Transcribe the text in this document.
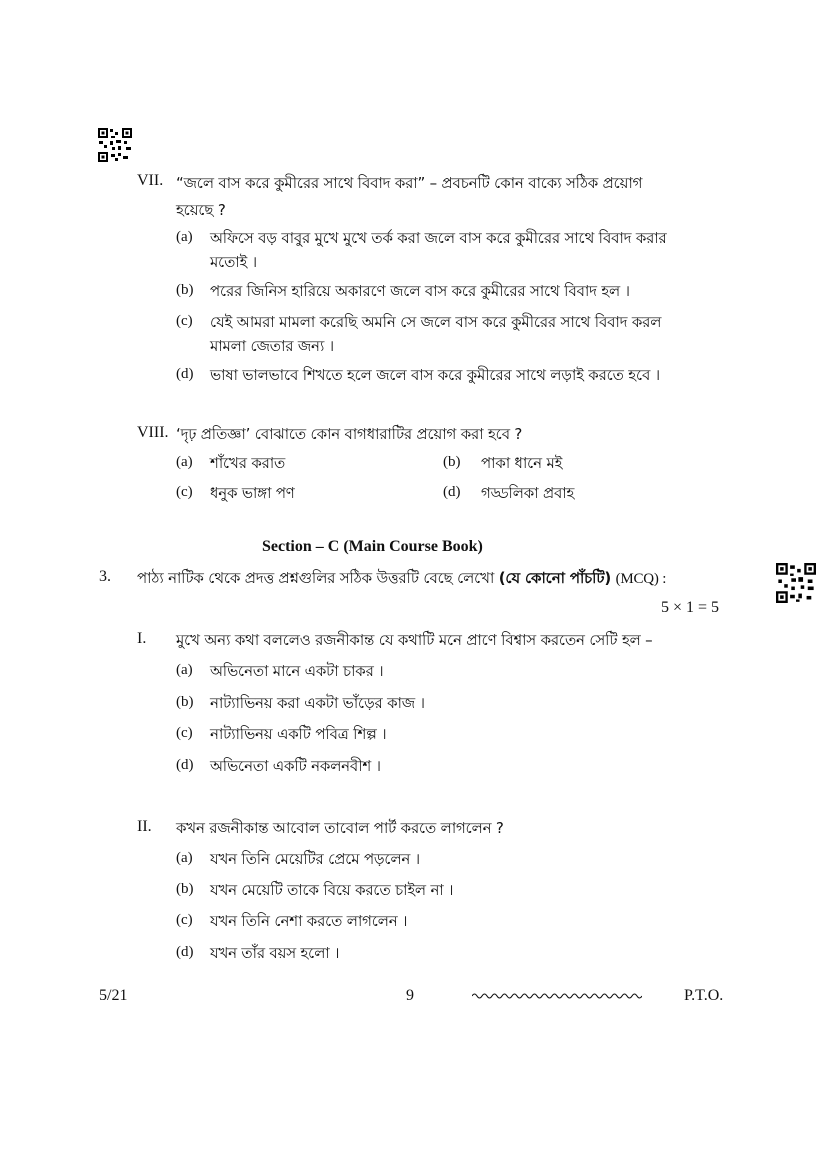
VII. “জলে বাস করে কুমীরের সাথে বিবাদ করা” – প্রবচনটি কোন বাক্যে সঠিক প্রয়োগ
হয়েছে ?
(a) অফিসে বড় বাবুর মুখে মুখে তর্ক করা জলে বাস করে কুমীরের সাথে বিবাদ করার
মতোই ।
(b) পরের জিনিস হারিয়ে অকারণে জলে বাস করে কুমীরের সাথে বিবাদ হল ।
(c) যেই আমরা মামলা করেছি অমনি সে জলে বাস করে কুমীরের সাথে বিবাদ করল
মামলা জেতার জন্য ।
(d) ভাষা ভালভাবে শিখতে হলে জলে বাস করে কুমীরের সাথে লড়াই করতে হবে ।
VIII. ‘দৃঢ় প্রতিজ্ঞা’ বোঝাতে কোন বাগধারাটির প্রয়োগ করা হবে ?
(a) শাঁখের করাত	(b) পাকা ধানে মই
(c) ধনুক ভাঙ্গা পণ	(d) গড্ডলিকা প্রবাহ
Section – C (Main Course Book)
3. পাঠ্য নাটিক থেকে প্রদত্ত প্রশ্নগুলির সঠিক উত্তরটি বেছে লেখো (যে কোনো পাঁচটি) (MCQ) :
5 × 1 = 5
I. মুখে অন্য কথা বললেও রজনীকান্ত যে কথাটি মনে প্রাণে বিশ্বাস করতেন সেটি হল –
(a) অভিনেতা মানে একটা চাকর ।
(b) নাট্যাভিনয় করা একটা ভাঁড়ের কাজ ।
(c) নাট্যাভিনয় একটি পবিত্র শিল্প ।
(d) অভিনেতা একটি নকলনবীশ ।
II. কখন রজনীকান্ত আবোল তাবোল পার্ট করতে লাগলেন ?
(a) যখন তিনি মেয়েটির প্রেমে পড়লেন ।
(b) যখন মেয়েটি তাকে বিয়ে করতে চাইল না ।
(c) যখন তিনি নেশা করতে লাগলেন ।
(d) যখন তাঁর বয়স হলো ।
5/21	9	P.T.O.
